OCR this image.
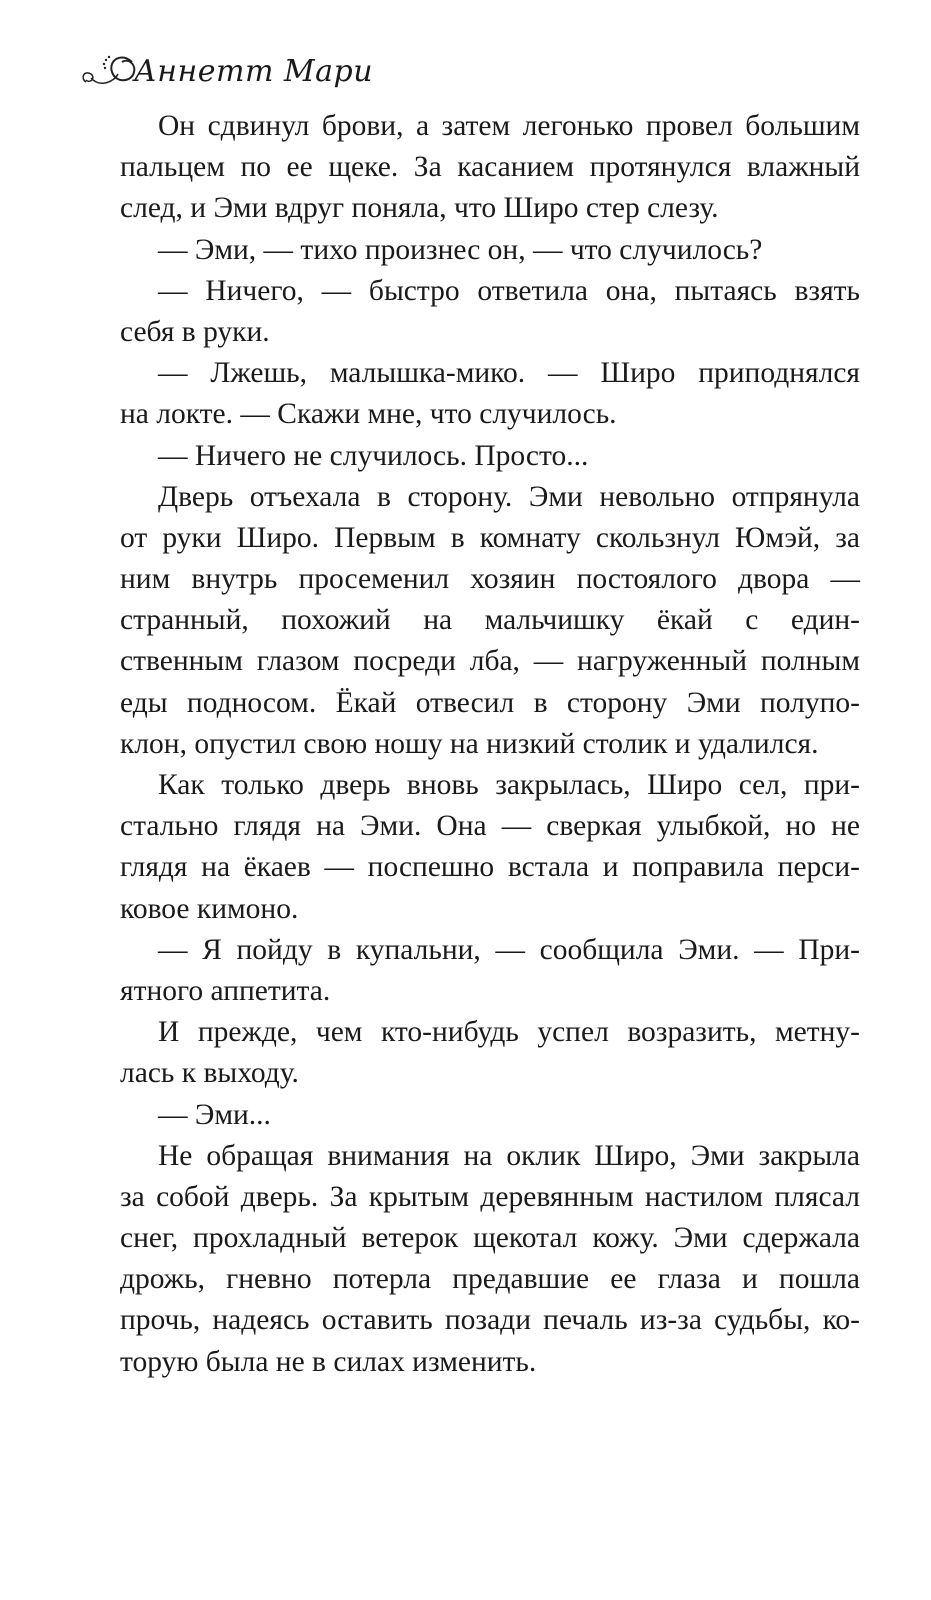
Аннетт Мари
Он сдвинул брови, а затем легонько провел большим
пальцем по ее щеке. За касанием протянулся влажный
след, и Эми вдруг поняла, что Широ стер слезу.
— Эми, — тихо произнес он, — что случилось?
— Ничего, — быстро ответила она, пытаясь взять
себя в руки.
— Лжешь, малышка-мико. — Широ приподнялся
на локте. — Скажи мне, что случилось.
— Ничего не случилось. Просто...
Дверь отъехала в сторону. Эми невольно отпрянула
от руки Широ. Первым в комнату скользнул Юмэй, за
ним внутрь просеменил хозяин постоялого двора —
странный, похожий на мальчишку ёкай с един-
ственным глазом посреди лба, — нагруженный полным
еды подносом. Ёкай отвесил в сторону Эми полупо-
клон, опустил свою ношу на низкий столик и удалился.
Как только дверь вновь закрылась, Широ сел, при-
стально глядя на Эми. Она — сверкая улыбкой, но не
глядя на ёкаев — поспешно встала и поправила перси-
ковое кимоно.
— Я пойду в купальни, — сообщила Эми. — При-
ятного аппетита.
И прежде, чем кто-нибудь успел возразить, метну-
лась к выходу.
— Эми...
Не обращая внимания на оклик Широ, Эми закрыла
за собой дверь. За крытым деревянным настилом плясал
снег, прохладный ветерок щекотал кожу. Эми сдержала
дрожь, гневно потерла предавшие ее глаза и пошла
прочь, надеясь оставить позади печаль из-за судьбы, ко-
торую была не в силах изменить.
